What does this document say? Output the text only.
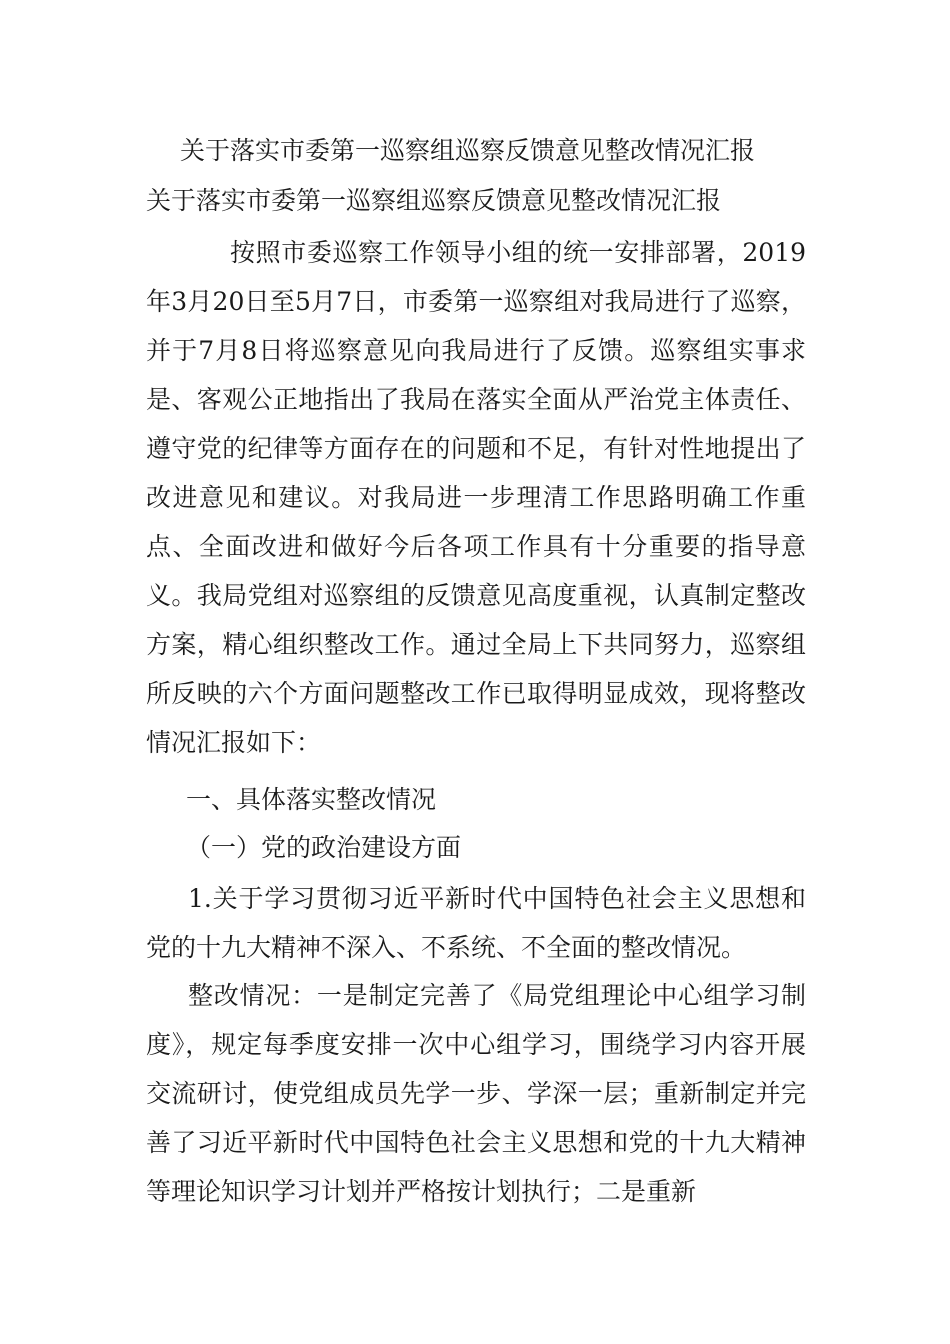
关于落实市委第一巡察组巡察反馈意见整改情况汇报
关于落实市委第一巡察组巡察反馈意见整改情况汇报

按照市委巡察工作领导小组的统一安排部署，2019年3月20日至5月7日，市委第一巡察组对我局进行了巡察，并于7月8日将巡察意见向我局进行了反馈。巡察组实事求是、客观公正地指出了我局在落实全面从严治党主体责任、遵守党的纪律等方面存在的问题和不足，有针对性地提出了改进意见和建议。对我局进一步理清工作思路明确工作重点、全面改进和做好今后各项工作具有十分重要的指导意义。我局党组对巡察组的反馈意见高度重视，认真制定整改方案，精心组织整改工作。通过全局上下共同努力，巡察组所反映的六个方面问题整改工作已取得明显成效，现将整改情况汇报如下：

一、具体落实整改情况
（一）党的政治建设方面

1.关于学习贯彻习近平新时代中国特色社会主义思想和党的十九大精神不深入、不系统、不全面的整改情况。

整改情况：一是制定完善了《局党组理论中心组学习制度》，规定每季度安排一次中心组学习，围绕学习内容开展交流研讨，使党组成员先学一步、学深一层；重新制定并完善了习近平新时代中国特色社会主义思想和党的十九大精神等理论知识学习计划并严格按计划执行；二是重新
